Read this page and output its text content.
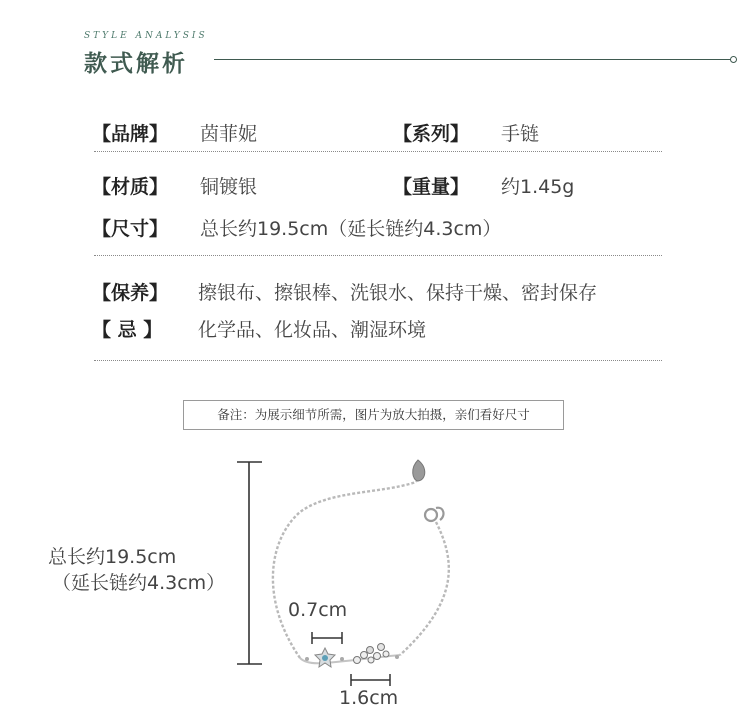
STYLE ANALYSIS
款式解析
【品牌】 茵菲妮	【系列】 手链
【材质】 铜镀银	【重量】 约1.45g
【尺寸】 总长约19.5cm（延长链约4.3cm）
【保养】 擦银布、擦银棒、洗银水、保持干燥、密封保存
【 忌 】 化学品、化妆品、潮湿环境
备注：为展示细节所需，图片为放大拍摄，亲们看好尺寸
总长约19.5cm
（延长链约4.3cm）
0.7cm
1.6cm
